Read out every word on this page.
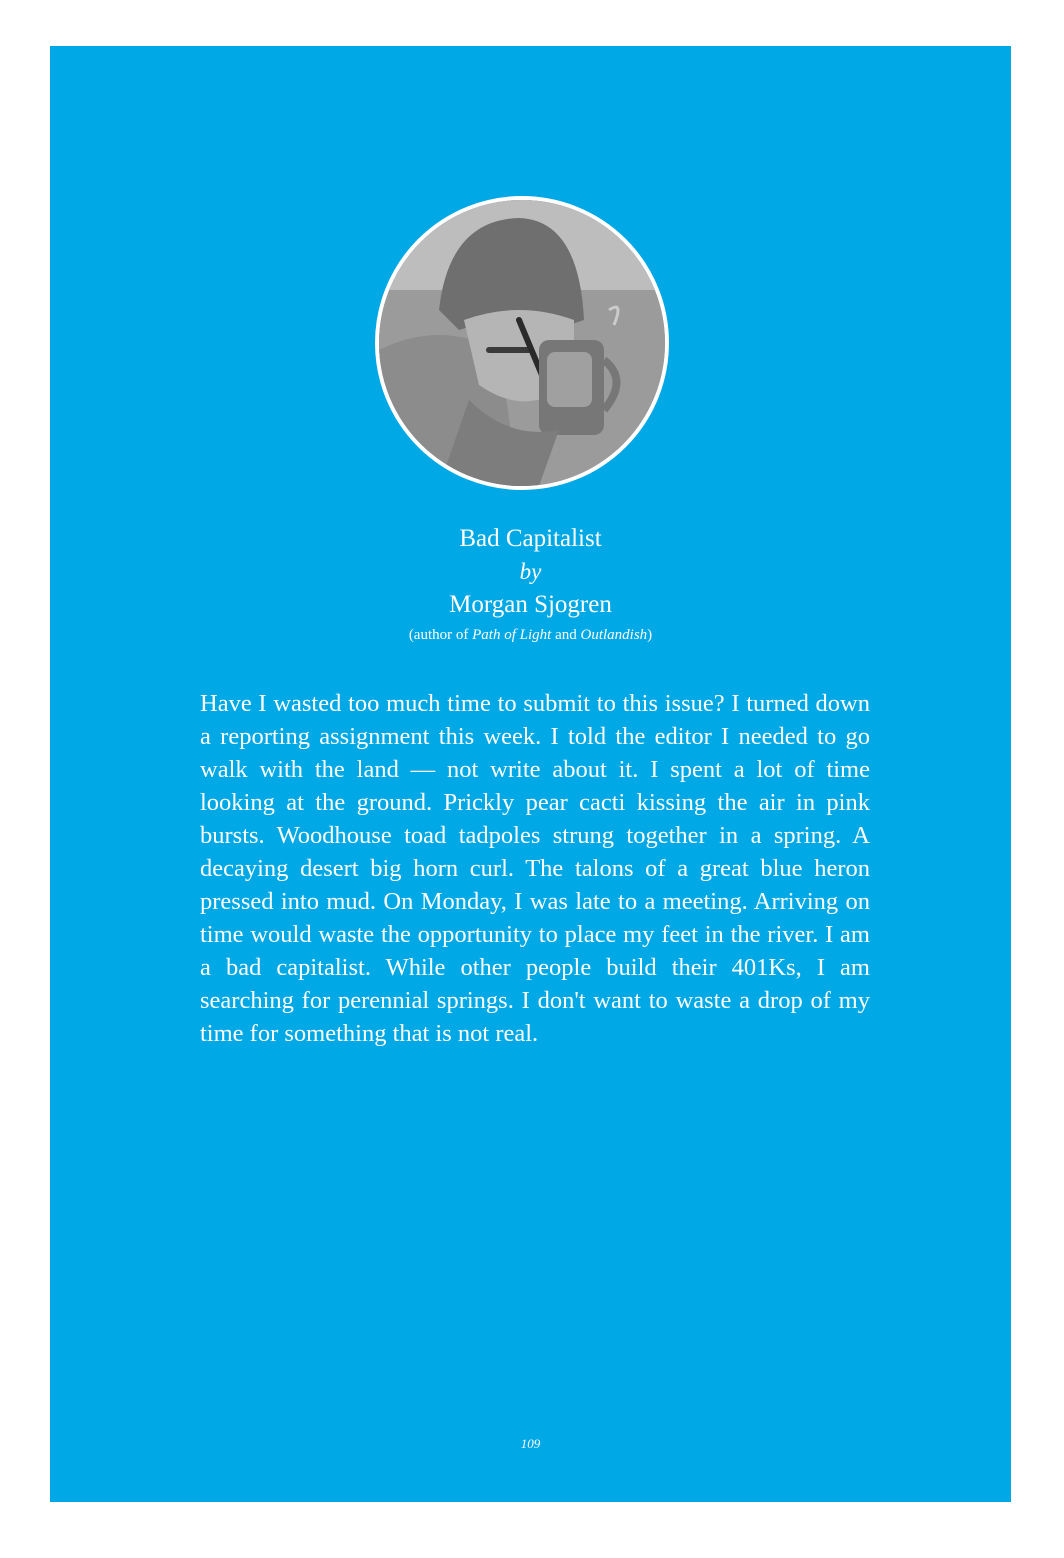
Bad Capitalist
by
Morgan Sjogren
(author of Path of Light and Outlandish)

Have I wasted too much time to submit to this issue? I turned down a reporting assignment this week. I told the editor I needed to go walk with the land — not write about it. I spent a lot of time looking at the ground. Prickly pear cacti kissing the air in pink bursts. Woodhouse toad tadpoles strung together in a spring. A decaying desert big horn curl. The talons of a great blue heron pressed into mud. On Monday, I was late to a meeting. Arriving on time would waste the opportunity to place my feet in the river. I am a bad capitalist. While other people build their 401Ks, I am searching for perennial springs. I don't want to waste a drop of my time for something that is not real.

109
